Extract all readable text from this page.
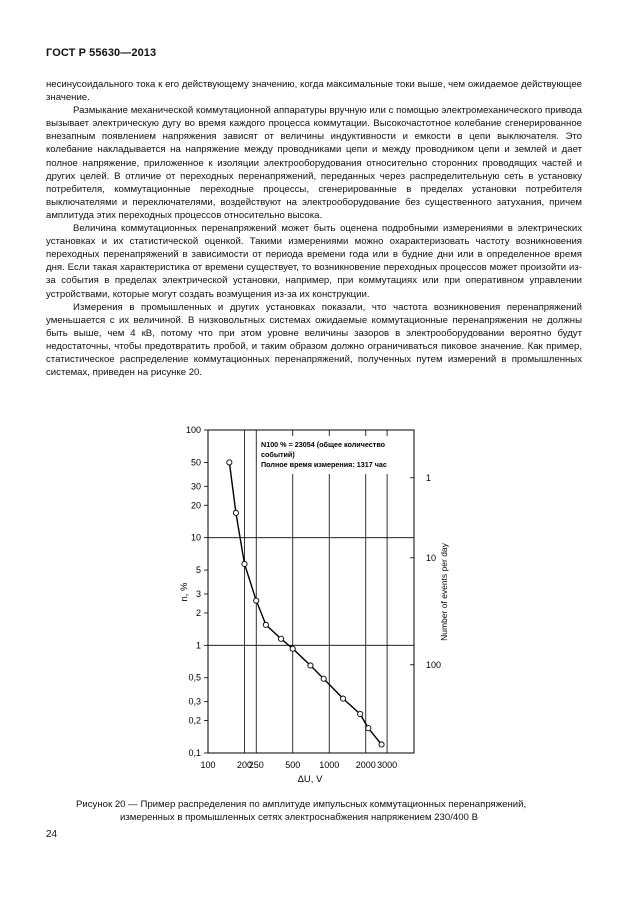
ГОСТ Р 55630—2013

несинусоидального тока к его действующему значению, когда максимальные токи выше, чем ожидаемое действующее значение.

Размыкание механической коммутационной аппаратуры вручную или с помощью электромеханического привода вызывает электрическую дугу во время каждого процесса коммутации. Высокочастотное колебание сгенерированное внезапным появлением напряжения зависят от величины индуктивности и емкости в цепи выключателя. Это колебание накладывается на напряжение между проводниками цепи и между проводником цепи и землей и дает полное напряжение, приложенное к изоляции электрооборудования относительно сторонних проводящих частей и других целей. В отличие от переходных перенапряжений, переданных через распределительную сеть в установку потребителя, коммутационные переходные процессы, сгенерированные в пределах установки потребителя выключателями и переключателями, воздействуют на электрооборудование без существенного затухания, причем амплитуда этих переходных процессов относительно высока.

Величина коммутационных перенапряжений может быть оценена подробными измерениями в электрических установках и их статистической оценкой. Такими измерениями можно охарактеризовать частоту возникновения переходных перенапряжений в зависимости от периода времени года или в будние дни или в определенное время дня. Если такая характеристика от времени существует, то возникновение переходных процессов может произойти из-за события в пределах электрической установки, например, при коммутациях или при оперативном управлении устройствами, которые могут создать возмущения из-за их конструкции.

Измерения в промышленных и других установках показали, что частота возникновения перенапряжений уменьшается с их величиной. В низковольтных системах ожидаемые коммутационные перенапряжения не должны быть выше, чем 4 кВ, потому что при этом уровне величины зазоров в электрооборудовании вероятно будут недостаточны, чтобы предотвратить пробой, и таким образом должно ограничиваться пиковое значение. Как пример, статистическое распределение коммутационных перенапряжений, полученных путем измерений в промышленных системах, приведен на рисунке 20.

100 200
250 500 1000 2000 3000
100
50
30
20
10
5
3
2
1
0,5
0,3
0,2
0,1
100
10
1
N100 % = 23054 (общее количество
событий)
Полное время измерения: 1317 час
ΔU, V
n, %	Number of events per day
Рисунок 20 — Пример распределения по амплитуде импульсных коммутационных перенапряжений,
измеренных в промышленных сетях электроснабжения напряжением 230/400 В
24
